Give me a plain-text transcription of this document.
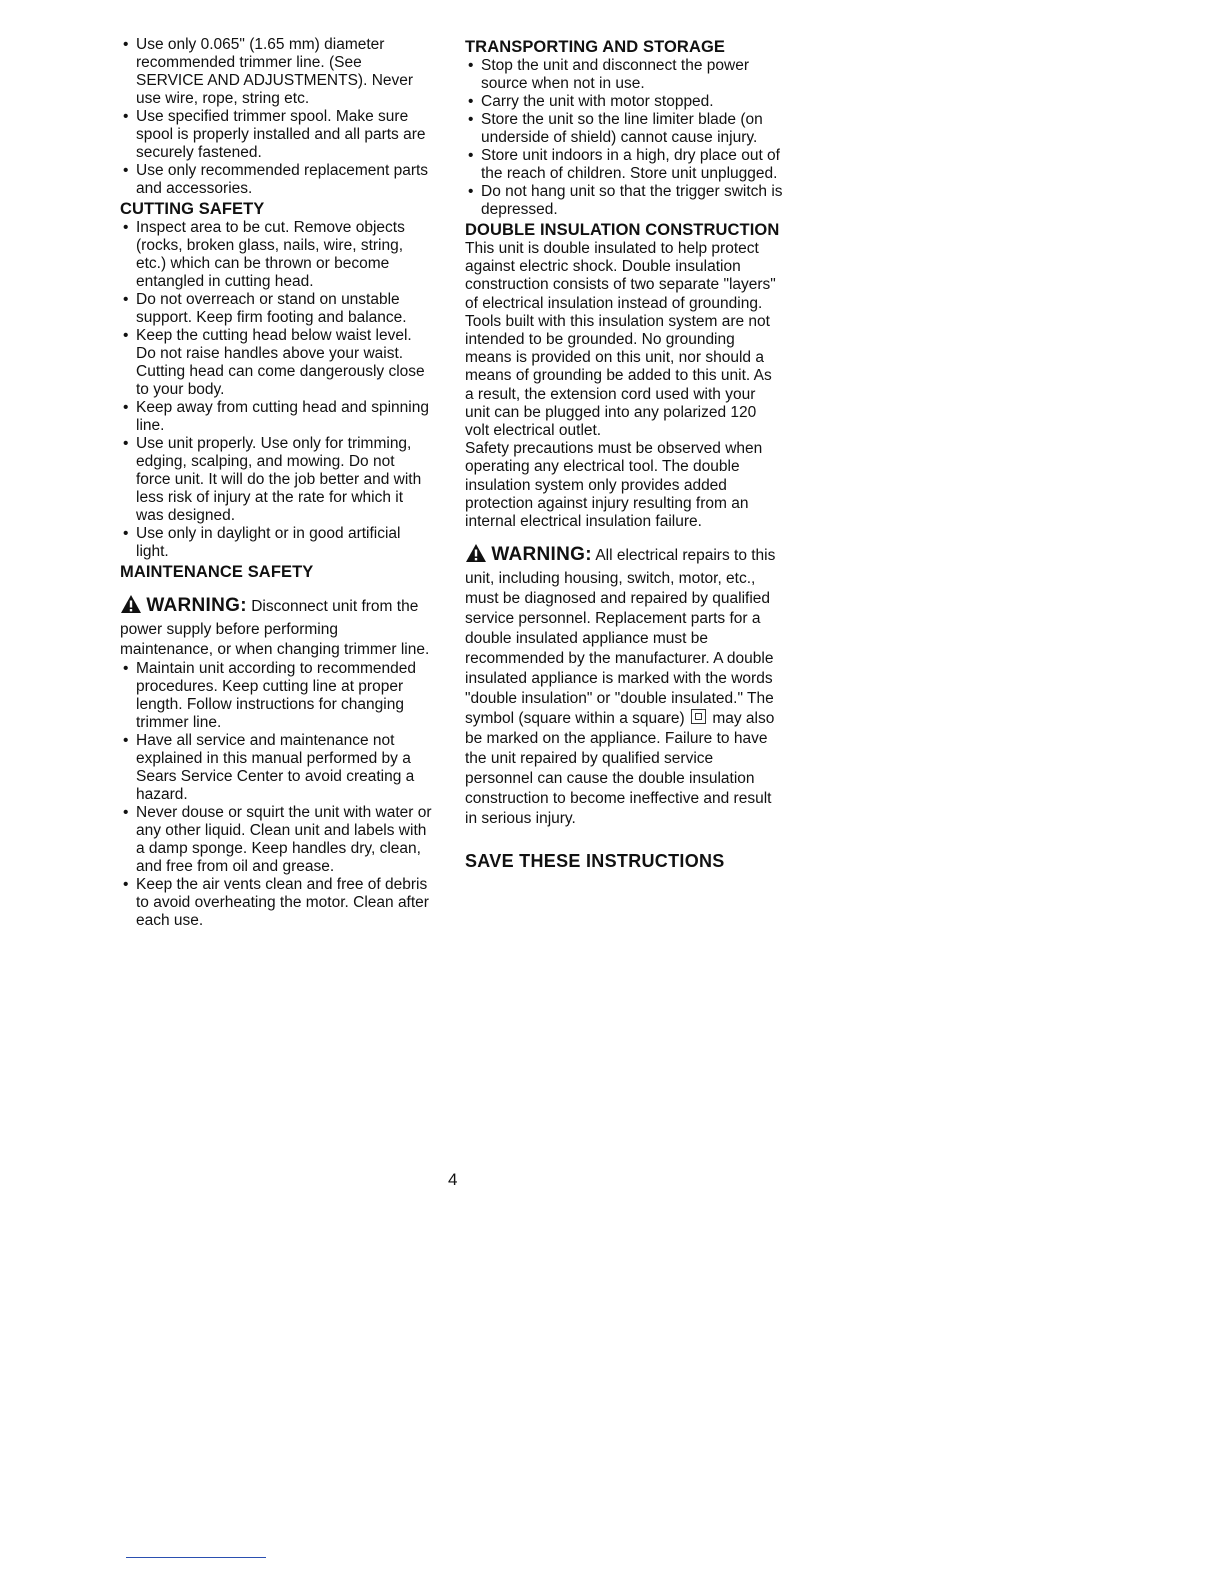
• Use only 0.065" (1.65 mm) diameter recommended trimmer line. (See SERVICE AND ADJUSTMENTS). Never use wire, rope, string etc.
• Use specified trimmer spool. Make sure spool is properly installed and all parts are securely fastened.
• Use only recommended replacement parts and accessories.
CUTTING SAFETY
• Inspect area to be cut. Remove objects (rocks, broken glass, nails, wire, string, etc.) which can be thrown or become entangled in cutting head.
• Do not overreach or stand on unstable support. Keep firm footing and balance.
• Keep the cutting head below waist level. Do not raise handles above your waist. Cutting head can come dangerously close to your body.
• Keep away from cutting head and spinning line.
• Use unit properly. Use only for trimming, edging, scalping, and mowing. Do not force unit. It will do the job better and with less risk of injury at the rate for which it was designed.
• Use only in daylight or in good artificial light.
MAINTENANCE SAFETY
WARNING: Disconnect unit from the power supply before performing maintenance, or when changing trimmer line.
• Maintain unit according to recommended procedures. Keep cutting line at proper length. Follow instructions for changing trimmer line.
• Have all service and maintenance not explained in this manual performed by a Sears Service Center to avoid creating a hazard.
• Never douse or squirt the unit with water or any other liquid. Clean unit and labels with a damp sponge. Keep handles dry, clean, and free from oil and grease.
• Keep the air vents clean and free of debris to avoid overheating the motor. Clean after each use.
TRANSPORTING AND STORAGE
• Stop the unit and disconnect the power source when not in use.
• Carry the unit with motor stopped.
• Store the unit so the line limiter blade (on underside of shield) cannot cause injury.
• Store unit indoors in a high, dry place out of the reach of children. Store unit unplugged.
• Do not hang unit so that the trigger switch is depressed.
DOUBLE INSULATION CONSTRUCTION

This unit is double insulated to help protect against electric shock. Double insulation construction consists of two separate "layers" of electrical insulation instead of grounding.

Tools built with this insulation system are not intended to be grounded. No grounding means is provided on this unit, nor should a means of grounding be added to this unit. As a result, the extension cord used with your unit can be plugged into any polarized 120 volt electrical outlet.

Safety precautions must be observed when operating any electrical tool. The double insulation system only provides added protection against injury resulting from an internal electrical insulation failure.

WARNING: All electrical repairs to this unit, including housing, switch, motor, etc., must be diagnosed and repaired by qualified service personnel. Replacement parts for a double insulated appliance must be recommended by the manufacturer. A double insulated appliance is marked with the words "double insulation" or "double insulated." The symbol (square within a square) may also be marked on the appliance. Failure to have the unit repaired by qualified service personnel can cause the double insulation construction to become ineffective and result in serious injury.
SAVE THESE INSTRUCTIONS
4
